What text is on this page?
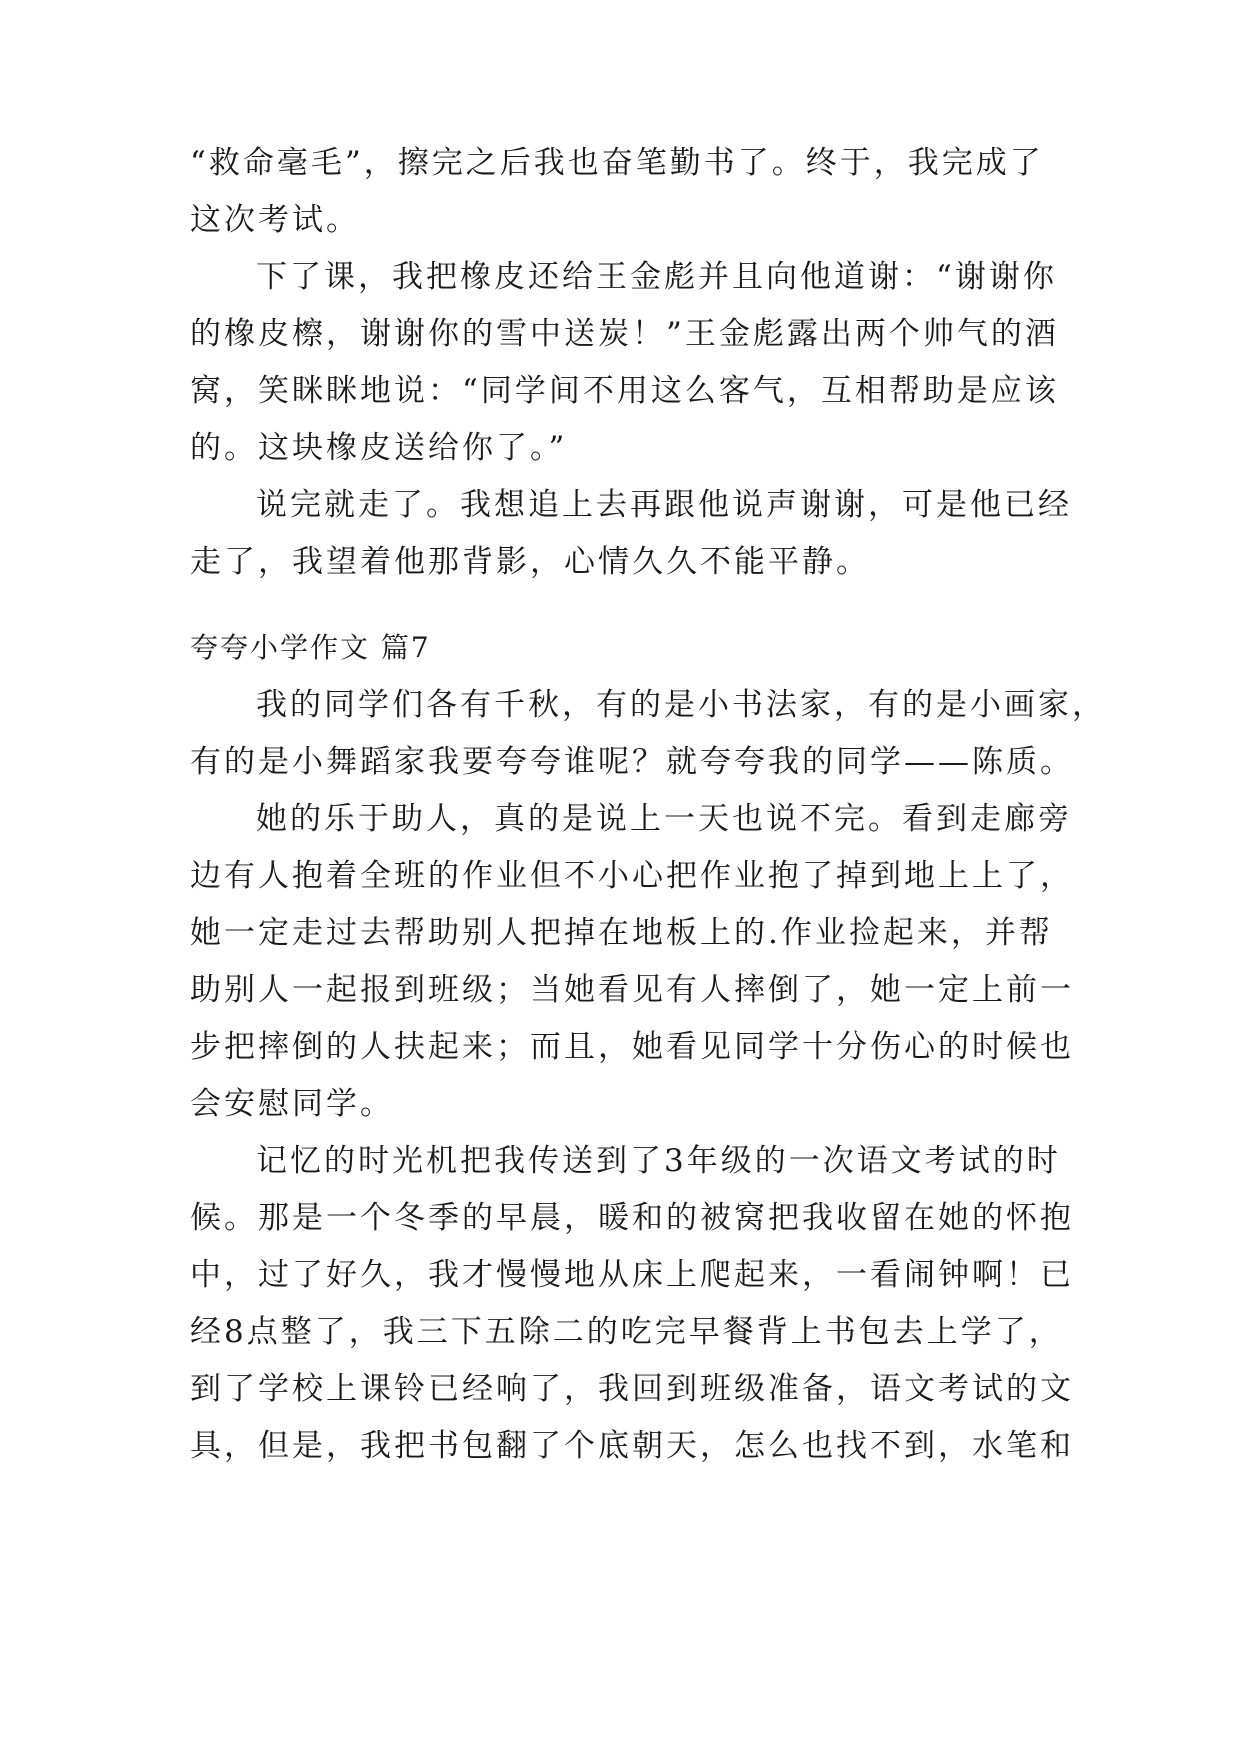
“救命毫毛”，擦完之后我也奋笔勤书了。终于，我完成了
这次考试。
下了课，我把橡皮还给王金彪并且向他道谢：“谢谢你
的橡皮檫，谢谢你的雪中送炭！”王金彪露出两个帅气的酒
窝，笑眯眯地说：“同学间不用这么客气，互相帮助是应该
的。这块橡皮送给你了。”
说完就走了。我想追上去再跟他说声谢谢，可是他已经
走了，我望着他那背影，心情久久不能平静。
夸夸小学作文 篇7
我的同学们各有千秋，有的是小书法家，有的是小画家，
有的是小舞蹈家我要夸夸谁呢？就夸夸我的同学——陈质。
她的乐于助人，真的是说上一天也说不完。看到走廊旁
边有人抱着全班的作业但不小心把作业抱了掉到地上上了，
她一定走过去帮助别人把掉在地板上的.作业捡起来，并帮
助别人一起报到班级；当她看见有人摔倒了，她一定上前一
步把摔倒的人扶起来；而且，她看见同学十分伤心的时候也
会安慰同学。
记忆的时光机把我传送到了3年级的一次语文考试的时
候。那是一个冬季的早晨，暖和的被窝把我收留在她的怀抱
中，过了好久，我才慢慢地从床上爬起来，一看闹钟啊！已
经8点整了，我三下五除二的吃完早餐背上书包去上学了，
到了学校上课铃已经响了，我回到班级准备，语文考试的文
具，但是，我把书包翻了个底朝天，怎么也找不到，水笔和
